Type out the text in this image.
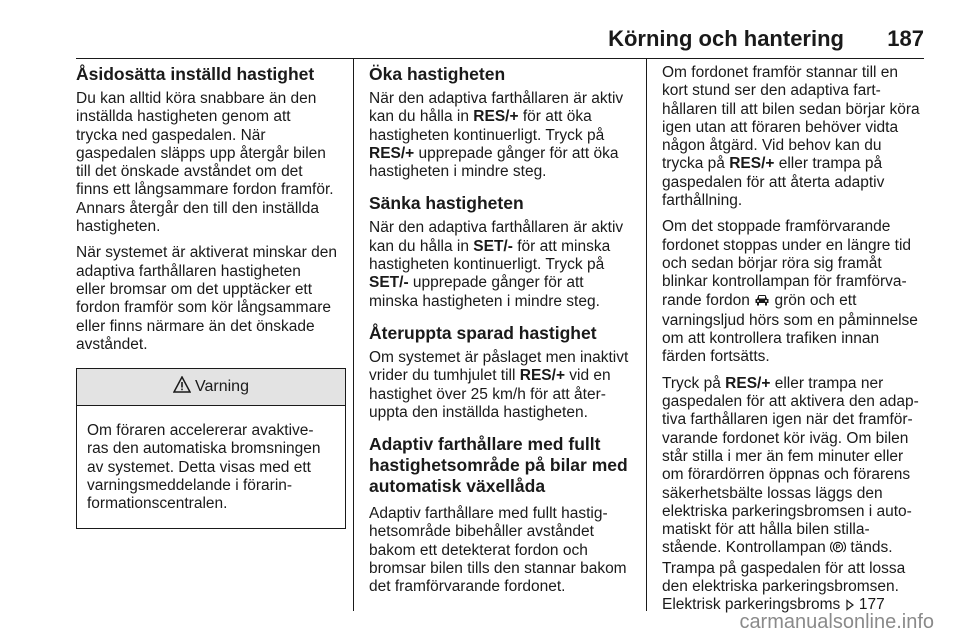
Körning och hantering 187
Åsidosätta inställd hastighet

Du kan alltid köra snabbare än den
inställda hastigheten genom att
trycka ned gaspedalen. När
gaspedalen släpps upp återgår bilen
till det önskade avståndet om det
finns ett långsammare fordon framför.
Annars återgår den till den inställda
hastigheten.

När systemet är aktiverat minskar den
adaptiva farthållaren hastigheten
eller bromsar om det upptäcker ett
fordon framför som kör långsammare
eller finns närmare än det önskade
avståndet.

Varning
Om föraren accelererar avaktive-
ras den automatiska bromsningen
av systemet. Detta visas med ett
varningsmeddelande i förarin-
formationscentralen.
Öka hastigheten

När den adaptiva farthållaren är aktiv
kan du hålla in RES/+ för att öka
hastigheten kontinuerligt. Tryck på
RES/+ upprepade gånger för att öka
hastigheten i mindre steg.

Sänka hastigheten

När den adaptiva farthållaren är aktiv
kan du hålla in SET/- för att minska
hastigheten kontinuerligt. Tryck på
SET/- upprepade gånger för att
minska hastigheten i mindre steg.

Återuppta sparad hastighet

Om systemet är påslaget men inaktivt
vrider du tumhjulet till RES/+ vid en
hastighet över 25 km/h för att åter-
uppta den inställda hastigheten.

Adaptiv farthållare med fullt
hastighetsområde på bilar med
automatisk växellåda

Adaptiv farthållare med fullt hastig-
hetsområde bibehåller avståndet
bakom ett detekterat fordon och
bromsar bilen tills den stannar bakom
det framförvarande fordonet.

Om fordonet framför stannar till en
kort stund ser den adaptiva fart-
hållaren till att bilen sedan börjar köra
igen utan att föraren behöver vidta
någon åtgärd. Vid behov kan du
trycka på RES/+ eller trampa på
gaspedalen för att återta adaptiv
farthållning.

Om det stoppade framförvarande
fordonet stoppas under en längre tid
och sedan börjar röra sig framåt
blinkar kontrollampan för framförva-
rande fordon  grön och ett
varningsljud hörs som en påminnelse
om att kontrollera trafiken innan
färden fortsätts.

Tryck på RES/+ eller trampa ner
gaspedalen för att aktivera den adap-
tiva farthållaren igen när det framför-
varande fordonet kör iväg. Om bilen
står stilla i mer än fem minuter eller
om förardörren öppnas och förarens
säkerhetsbälte lossas läggs den
elektriska parkeringsbromsen i auto-
matiskt för att hålla bilen stilla-
stående. Kontrollampan P tänds.
Trampa på gaspedalen för att lossa
den elektriska parkeringsbromsen.
Elektrisk parkeringsbroms  177

carmanualsonline.info
